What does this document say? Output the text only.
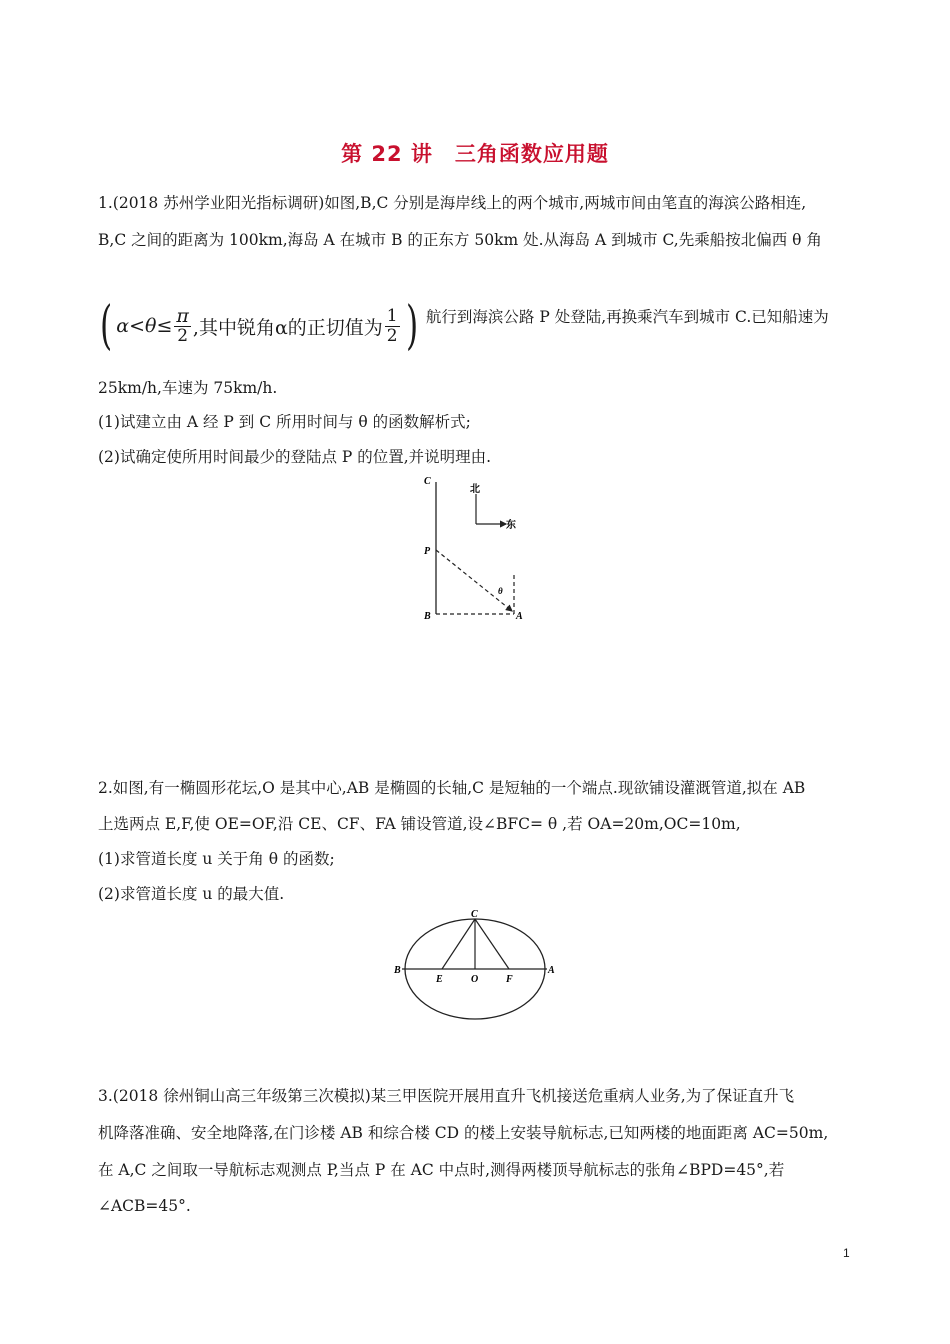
第 22 讲　三角函数应用题
1.(2018 苏州学业阳光指标调研)如图,B,C 分别是海岸线上的两个城市,两城市间由笔直的海滨公路相连,
B,C 之间的距离为 100km,海岛 A 在城市 B 的正东方 50km 处.从海岛 A 到城市 C,先乘船按北偏西 θ 角
( $\alpha<\theta\le \frac{\pi}{2}$ ,其中锐角α的正切值为 $\frac{1}{2}$ ) 航行到海滨公路 P 处登陆,再换乘汽车到城市 C.已知船速为
25km/h,车速为 75km/h.
(1)试建立由 A 经 P 到 C 所用时间与 θ 的函数解析式;
(2)试确定使所用时间最少的登陆点 P 的位置,并说明理由.
C
P
B	A
θ
北
东
2.如图,有一椭圆形花坛,O 是其中心,AB 是椭圆的长轴,C 是短轴的一个端点.现欲铺设灌溉管道,拟在 AB
上选两点 E,F,使 OE=OF,沿 CE、CF、FA 铺设管道,设∠BFC= θ ,若 OA=20m,OC=10m,
(1)求管道长度 u 关于角 θ 的函数;
(2)求管道长度 u 的最大值.
C
B	A
E	O	F
3.(2018 徐州铜山高三年级第三次模拟)某三甲医院开展用直升飞机接送危重病人业务,为了保证直升飞
机降落准确、安全地降落,在门诊楼 AB 和综合楼 CD 的楼上安装导航标志,已知两楼的地面距离 AC=50m,
在 A,C 之间取一导航标志观测点 P,当点 P 在 AC 中点时,测得两楼顶导航标志的张角∠BPD=45°,若
∠ACB=45°.
1
